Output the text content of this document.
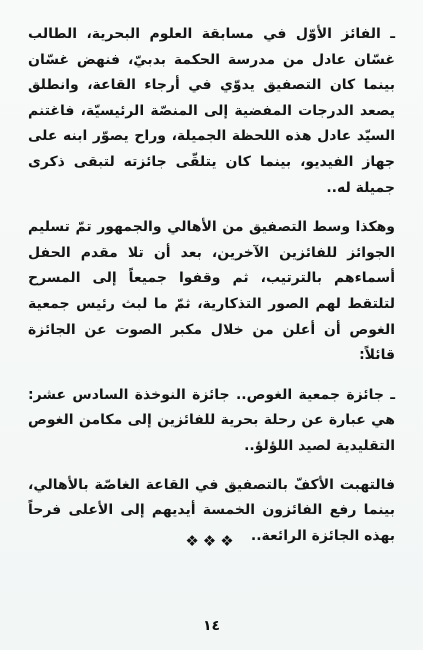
ـ الفائز الأوّل في مسابقة العلوم البحرية، الطالب غسّان عادل من مدرسة الحكمة بدبيّ، فنهض غسّان بينما كان التصفيق يدوّي في أرجاء القاعة، وانطلق يصعد الدرجات المفضية إلى المنصّة الرئيسيّة، فاغتنم السيّد عادل هذه اللحظة الجميلة، وراح يصوّر ابنه على جهاز الفيديو، بينما كان يتلقّى جائزته لتبقى ذكرى جميلة له..

وهكذا وسط التصفيق من الأهالي والجمهور تمّ تسليم الجوائز للفائزين الآخرين، بعد أن تلا مقدم الحفل أسماءهم بالترتيب، ثم وقفوا جميعاً إلى المسرح لتلتقط لهم الصور التذكارية، ثمّ ما لبث رئيس جمعية الغوص أن أعلن من خلال مكبر الصوت عن الجائزة قائلاً:

ـ جائزة جمعية الغوص.. جائزة النوخذة السادس عشر: هي عبارة عن رحلة بحرية للفائزين إلى مكامن الغوص التقليدية لصيد اللؤلؤ..

فالتهبت الأكفّ بالتصفيق في القاعة الغاصّة بالأهالي، بينما رفع الفائزون الخمسة أيديهم إلى الأعلى فرحاً بهذه الجائزة الرائعة..

❖❖❖
١٤
